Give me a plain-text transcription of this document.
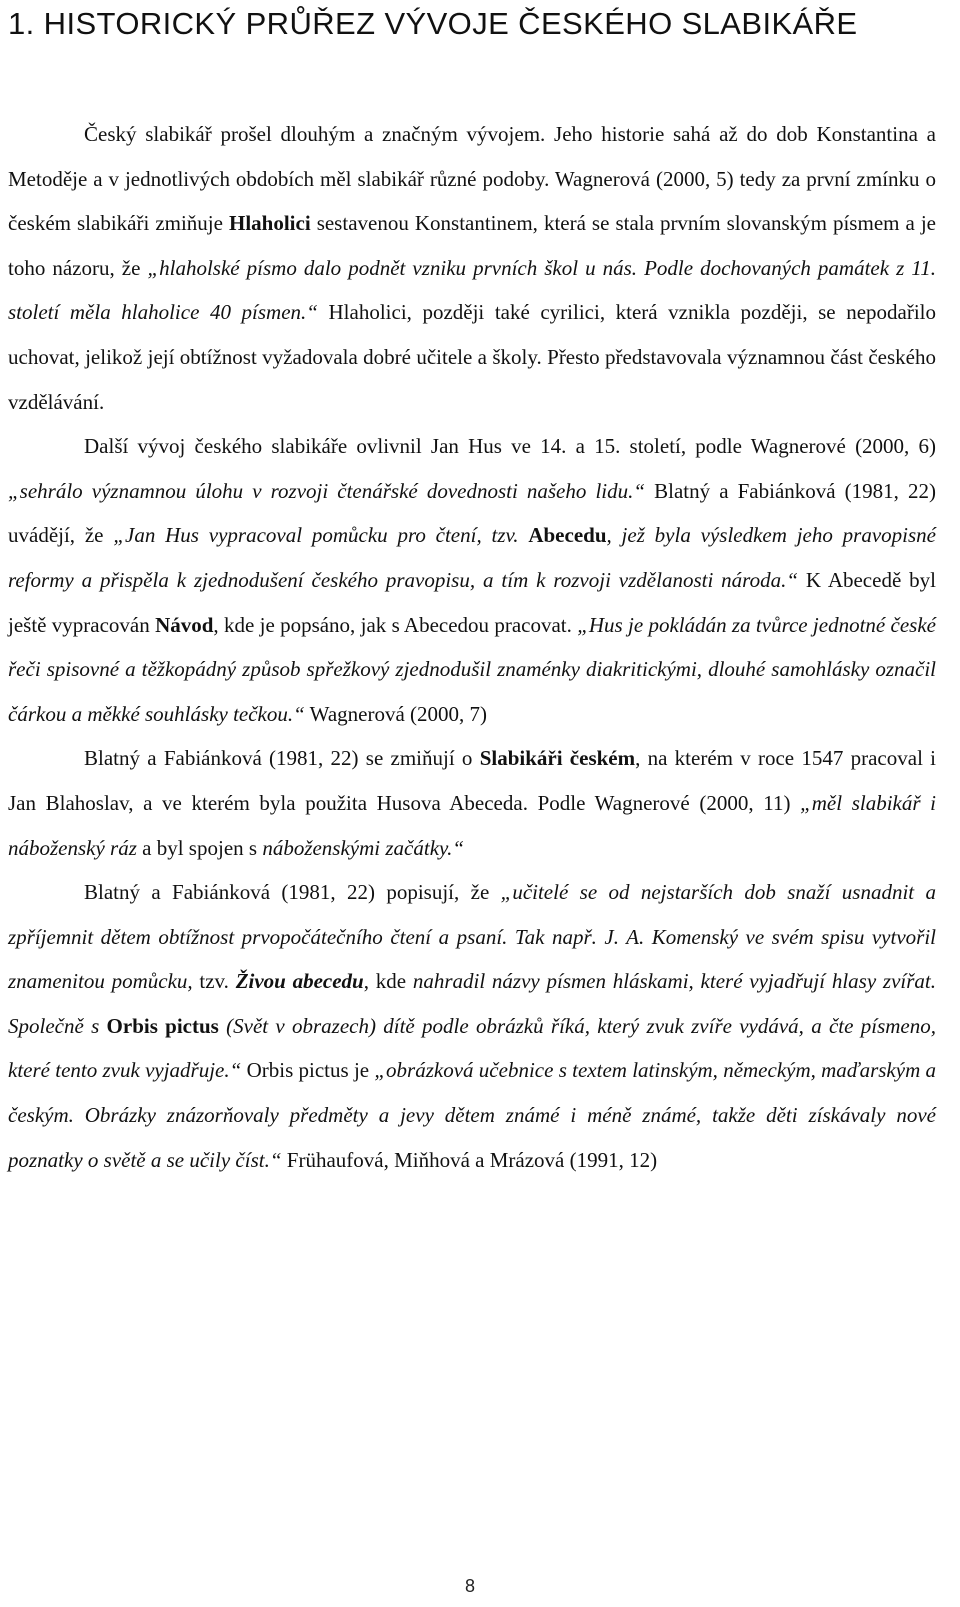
1. HISTORICKÝ PRŮŘEZ VÝVOJE ČESKÉHO SLABIKÁŘE

Český slabikář prošel dlouhým a značným vývojem. Jeho historie sahá až do dob Konstantina a Metoděje a v jednotlivých obdobích měl slabikář různé podoby. Wagnerová (2000, 5) tedy za první zmínku o českém slabikáři zmiňuje Hlaholici sestavenou Konstantinem, která se stala prvním slovanským písmem a je toho názoru, že „hlaholské písmo dalo podnět vzniku prvních škol u nás. Podle dochovaných památek z 11. století měla hlaholice 40 písmen.“ Hlaholici, později také cyrilici, která vznikla později, se nepodařilo uchovat, jelikož její obtížnost vyžadovala dobré učitele a školy. Přesto představovala významnou část českého vzdělávání.

Další vývoj českého slabikáře ovlivnil Jan Hus ve 14. a 15. století, podle Wagnerové (2000, 6) „sehrálo významnou úlohu v rozvoji čtenářské dovednosti našeho lidu.“ Blatný a Fabiánková (1981, 22) uvádějí, že „Jan Hus vypracoval pomůcku pro čtení, tzv. Abecedu, jež byla výsledkem jeho pravopisné reformy a přispěla k zjednodušení českého pravopisu, a tím k rozvoji vzdělanosti národa.“ K Abecedě byl ještě vypracován Návod, kde je popsáno, jak s Abecedou pracovat. „Hus je pokládán za tvůrce jednotné české řeči spisovné a těžkopádný způsob spřežkový zjednodušil znaménky diakritickými, dlouhé samohlásky označil čárkou a měkké souhlásky tečkou.“ Wagnerová (2000, 7)

Blatný a Fabiánková (1981, 22) se zmiňují o Slabikáři českém, na kterém v roce 1547 pracoval i Jan Blahoslav, a ve kterém byla použita Husova Abeceda. Podle Wagnerové (2000, 11) „měl slabikář i náboženský ráz a byl spojen s náboženskými začátky.“

Blatný a Fabiánková (1981, 22) popisují, že „učitelé se od nejstarších dob snaží usnadnit a zpříjemnit dětem obtížnost prvopočátečního čtení a psaní. Tak např. J. A. Komenský ve svém spisu vytvořil znamenitou pomůcku, tzv. Živou abecedu, kde nahradil názvy písmen hláskami, které vyjadřují hlasy zvířat. Společně s Orbis pictus (Svět v obrazech) dítě podle obrázků říká, který zvuk zvíře vydává, a čte písmeno, které tento zvuk vyjadřuje.“ Orbis pictus je „obrázková učebnice s textem latinským, německým, maďarským a českým. Obrázky znázorňovaly předměty a jevy dětem známé i méně známé, takže děti získávaly nové poznatky o světě a se učily číst.“ Frühaufová, Miňhová a Mrázová (1991, 12)

8
